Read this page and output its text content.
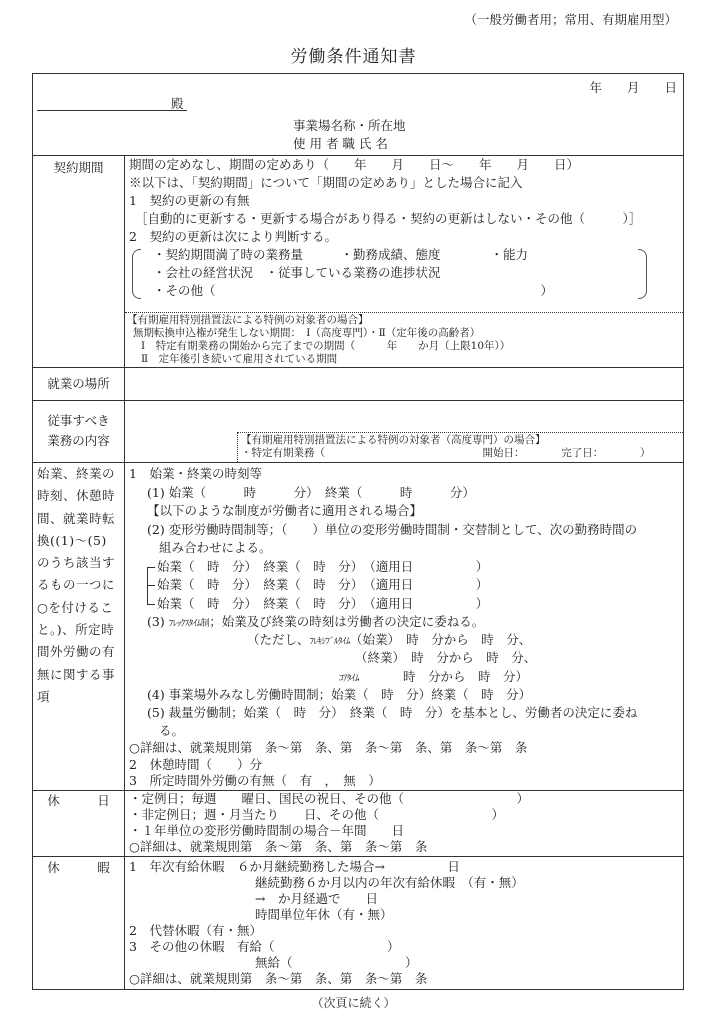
（一般労働者用；常用、有期雇用型）
労働条件通知書
年　　月　　日
殿
事業場名称・所在地
使 用 者 職 氏 名
契約期間	期間の定めなし、期間の定めあり（　　年　　月　　日～　　年　　月　　日）
※以下は、「契約期間」について「期間の定めあり」とした場合に記入
1　契約の更新の有無
［自動的に更新する・更新する場合があり得る・契約の更新はしない・その他（　　　）］
2　契約の更新は次により判断する。
・契約期間満了時の業務量　　　・勤務成績、態度　　　　・能力
・会社の経営状況　・従事している業務の進捗状況
・その他（　　　　　　　　　　　　　　　　　　　　　　　　　　）
【有期雇用特別措置法による特例の対象者の場合】
無期転換申込権が発生しない期間：　Ⅰ（高度専門）・Ⅱ（定年後の高齢者）
Ⅰ　特定有期業務の開始から完了までの期間（　　　年　　か月（上限10年））
Ⅱ　定年後引き続いて雇用されている期間
就業の場所
従事すべき
業務の内容	【有期雇用特別措置法による特例の対象者（高度専門）の場合】
・特定有期業務（　　　　　　　　　　　　　　　開始日：　　　　完了日：　　　　）
始業、終業の
時刻、休憩時
間、就業時転
換((1)～(5)
のうち該当す
るもの一つに
○を付けるこ
と。)、所定時
間外労働の有
無に関する事
項
1　始業・終業の時刻等
(1) 始業（　　　時　　　分）　終業（　　　時　　　分）
【以下のような制度が労働者に適用される場合】
(2) 変形労働時間制等；（　　）単位の変形労働時間制・交替制として、次の勤務時間の
組み合わせによる。
始業（　時　分）　終業（　時　分）　（適用日　　　　　）
始業（　時　分）　終業（　時　分）　（適用日　　　　　）
始業（　時　分）　終業（　時　分）　（適用日　　　　　）
(3) ﾌﾚｯｸｽﾀｲﾑ制；始業及び終業の時刻は労働者の決定に委ねる。
（ただし、ﾌﾚｷｼﾌﾞﾙﾀｲﾑ（始業）　時　分から　時　分、
（終業）　時　分から　時　分、
ｺｱﾀｲﾑ	時　分から　時　分）
(4) 事業場外みなし労働時間制；始業（　時　分）終業（　時　分）
(5) 裁量労働制；始業（　時　分）　終業（　時　分）を基本とし、労働者の決定に委ね
る。
○詳細は、就業規則第　条～第　条、第　条～第　条、第　条～第　条
2　休憩時間（　　）分
3　所定時間外労働の有無（　有　，　無　）
休　　　日	・定例日；毎週　　曜日、国民の祝日、その他（　　　　　　　　　）
・非定例日；週・月当たり　　日、その他（　　　　　　　　　）
・１年単位の変形労働時間制の場合－年間　　日
○詳細は、就業規則第　条～第　条、第　条～第　条
休　　　暇	1　年次有給休暇　６か月継続勤務した場合→　　　　　日
継続勤務６か月以内の年次有給休暇　（有・無）
→　か月経過で　　日
時間単位年休（有・無）
2　代替休暇（有・無）
3　その他の休暇　有給（　　　　　　　　　）
無給（　　　　　　　　　）
○詳細は、就業規則第　条～第　条、第　条～第　条
（次頁に続く）
